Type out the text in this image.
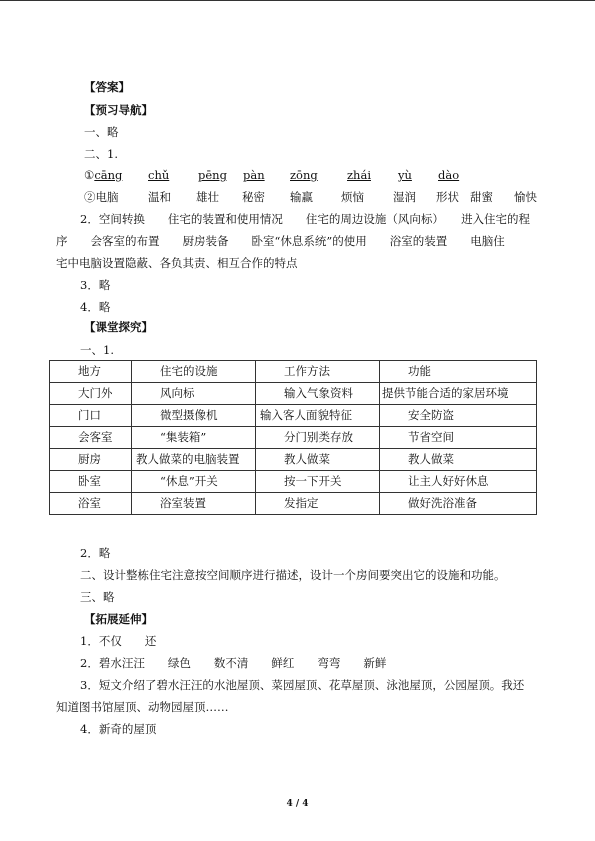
【答案】
【预习导航】
一、略
二、1.
①cāng chǔ pēng pàn zōng	zhái yù dào
②电脑	温和 雄壮 秘密 输赢 烦恼	湿润 形状 甜蜜 愉快
2．空间转换　　住宅的装置和使用情况　　住宅的周边设施（风向标）　　进入住宅的程
序　　会客室的布置　　厨房装备　　卧室“休息系统”的使用　　浴室的装置　　电脑住
宅中电脑设置隐蔽、各负其责、相互合作的特点
3．略
4．略
【课堂探究】
一、1.
地方	住宅的设施	工作方法	功能
大门外	风向标	输入气象资料	提供节能合适的家居环境
门口	微型摄像机	输入客人面貌特征	安全防盗
会客室	“集装箱”	分门别类存放	节省空间
厨房	教人做菜的电脑装置	教人做菜	教人做菜
卧室	“休息”开关	按一下开关	让主人好好休息
浴室	浴室装置	发指定	做好洗浴准备
2．略
二、设计整栋住宅注意按空间顺序进行描述，设计一个房间要突出它的设施和功能。
三、略
【拓展延伸】
1．不仅　　还
2．碧水汪汪　　绿色　　数不清　　鲜红　　弯弯　　新鲜
3．短文介绍了碧水汪汪的水池屋顶、菜园屋顶、花草屋顶、泳池屋顶，公园屋顶。我还
知道图书馆屋顶、动物园屋顶……
4．新奇的屋顶
4 / 4
